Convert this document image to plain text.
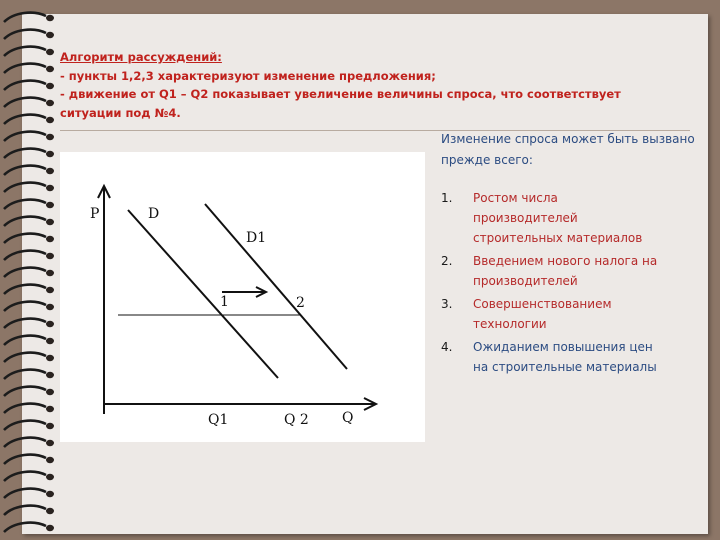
Алгоритм рассуждений:
- пункты 1,2,3 характеризуют изменение предложения;
- движение от Q1 – Q2 показывает увеличение величины спроса, что соответствует
ситуации под №4.
P	D
D1
1	2
Q1	Q 2 Q
Изменение спроса может быть вызвано прежде всего:
1.	Ростом числа производителей строительных материалов
2.	Введением нового налога на производителей
3.	Совершенствованием технологии
4.	Ожиданием повышения цен на строительные материалы
